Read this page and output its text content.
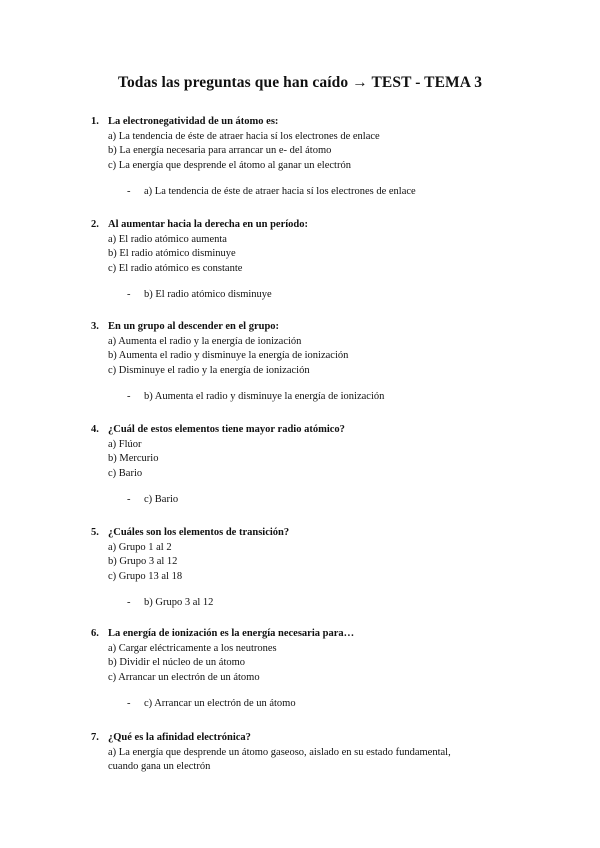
Todas las preguntas que han caído → TEST - TEMA 3
1. La electronegatividad de un átomo es:
a) La tendencia de éste de atraer hacia sí los electrones de enlace
b) La energía necesaria para arrancar un e- del átomo
c) La energía que desprende el átomo al ganar un electrón
- a) La tendencia de éste de atraer hacia sí los electrones de enlace
2. Al aumentar hacia la derecha en un período:
a) El radio atómico aumenta
b) El radio atómico disminuye
c) El radio atómico es constante
- b) El radio atómico disminuye
3. En un grupo al descender en el grupo:
a) Aumenta el radio y la energía de ionización
b) Aumenta el radio y disminuye la energía de ionización
c) Disminuye el radio y la energía de ionización
- b) Aumenta el radio y disminuye la energía de ionización
4. ¿Cuál de estos elementos tiene mayor radio atómico?
a) Flúor
b) Mercurio
c) Bario
- c) Bario
5. ¿Cuáles son los elementos de transición?
a) Grupo 1 al 2
b) Grupo 3 al 12
c) Grupo 13 al 18
- b) Grupo 3 al 12
6. La energía de ionización es la energía necesaria para…
a) Cargar eléctricamente a los neutrones
b) Dividir el núcleo de un átomo
c) Arrancar un electrón de un átomo
- c) Arrancar un electrón de un átomo
7. ¿Qué es la afinidad electrónica?
a) La energía que desprende un átomo gaseoso, aislado en su estado fundamental,
cuando gana un electrón
